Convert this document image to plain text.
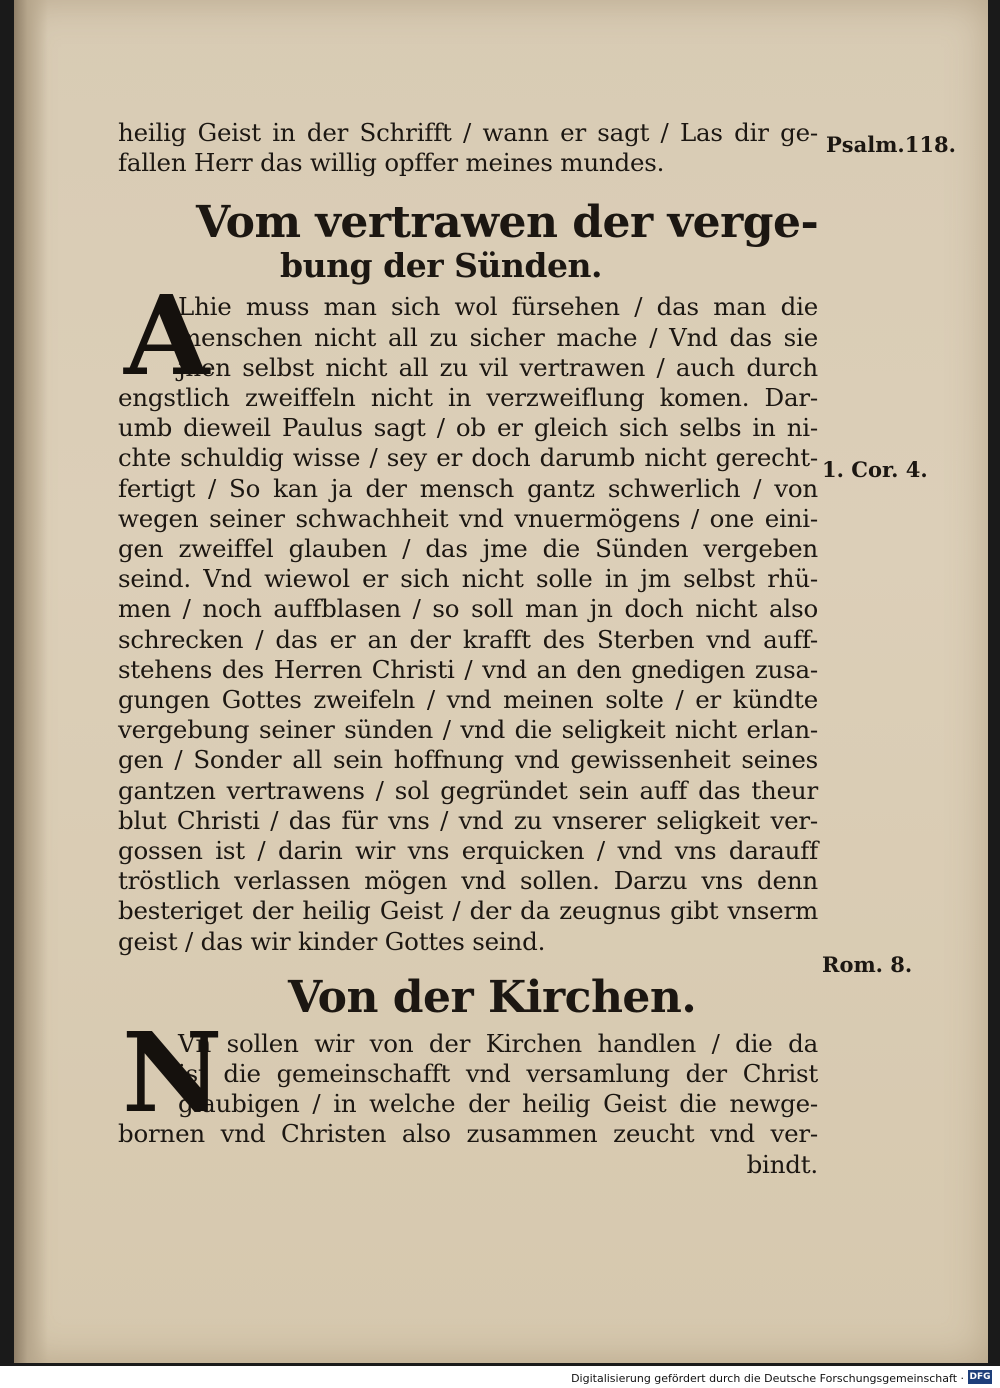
heilig Geist in der Schrifft / wann er sagt / Las dir ge-
fallen Herr das willig opffer meines mundes.
Vom vertrawen der verge-
bung der Sünden.
A
Lhie muss man sich wol fürsehen / das man die
menschen nicht all zu sicher mache / Vnd das sie
jnen selbst nicht all zu vil vertrawen / auch durch
engstlich zweiffeln nicht in verzweiflung komen. Dar-
umb dieweil Paulus sagt / ob er gleich sich selbs in ni-
chte schuldig wisse / sey er doch darumb nicht gerecht-
fertigt / So kan ja der mensch gantz schwerlich / von
wegen seiner schwachheit vnd vnuermögens / one eini-
gen zweiffel glauben / das jme die Sünden vergeben
seind. Vnd wiewol er sich nicht solle in jm selbst rhü-
men / noch auffblasen / so soll man jn doch nicht also
schrecken / das er an der krafft des Sterben vnd auff-
stehens des Herren Christi / vnd an den gnedigen zusa-
gungen Gottes zweifeln / vnd meinen solte / er kündte
vergebung seiner sünden / vnd die seligkeit nicht erlan-
gen / Sonder all sein hoffnung vnd gewissenheit seines
gantzen vertrawens / sol gegründet sein auff das theur
blut Christi / das für vns / vnd zu vnserer seligkeit ver-
gossen ist / darin wir vns erquicken / vnd vns darauff
tröstlich verlassen mögen vnd sollen. Darzu vns denn
besteriget der heilig Geist / der da zeugnus gibt vnserm
geist / das wir kinder Gottes seind.
Von der Kirchen.
N
Vn sollen wir von der Kirchen handlen / die da
ist die gemeinschafft vnd versamlung der Christ
glaubigen / in welche der heilig Geist die newge-
bornen vnd Christen also zusammen zeucht vnd ver-
bindt.
Psalm.118.
1. Cor. 4.
Rom. 8.
Digitalisierung gefördert durch die Deutsche Forschungsgemeinschaft · DFG
